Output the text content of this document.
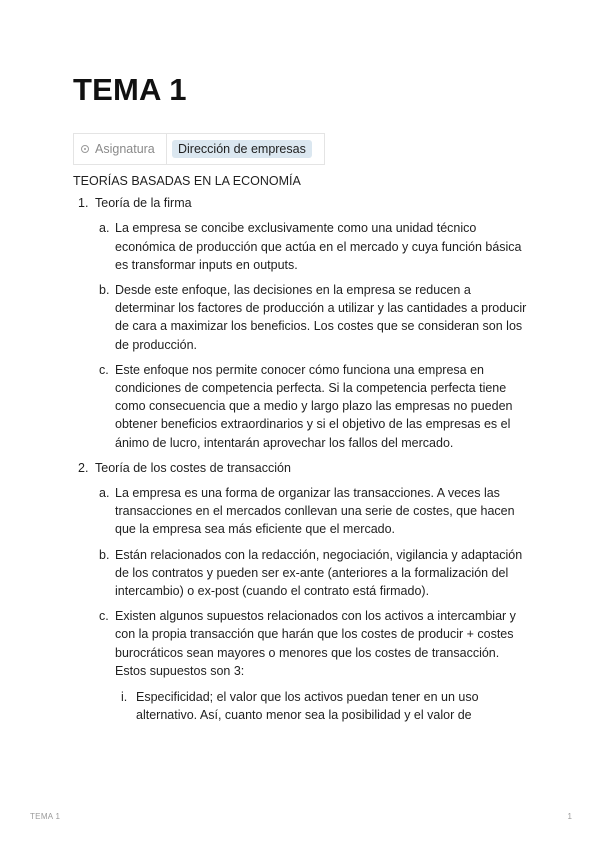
TEMA 1
Asignatura	Dirección de empresas

TEORÍAS BASADAS EN LA ECONOMÍA

1. Teoría de la firma
a. La empresa se concibe exclusivamente como una unidad técnico económica de producción que actúa en el mercado y cuya función básica es transformar inputs en outputs.
b. Desde este enfoque, las decisiones en la empresa se reducen a determinar los factores de producción a utilizar y las cantidades a producir de cara a maximizar los beneficios. Los costes que se consideran son los de producción.
c. Este enfoque nos permite conocer cómo funciona una empresa en condiciones de competencia perfecta. Si la competencia perfecta tiene como consecuencia que a medio y largo plazo las empresas no pueden obtener beneficios extraordinarios y si el objetivo de las empresas es el ánimo de lucro, intentarán aprovechar los fallos del mercado.
2. Teoría de los costes de transacción
a. La empresa es una forma de organizar las transacciones. A veces las transacciones en el mercados conllevan una serie de costes, que hacen que la empresa sea más eficiente que el mercado.
b. Están relacionados con la redacción, negociación, vigilancia y adaptación de los contratos y pueden ser ex-ante (anteriores a la formalización del intercambio) o ex-post (cuando el contrato está firmado).
c. Existen algunos supuestos relacionados con los activos a intercambiar y con la propia transacción que harán que los costes de producir + costes burocráticos sean mayores o menores que los costes de transacción. Estos supuestos son 3:
i. Especificidad; el valor que los activos puedan tener en un uso alternativo. Así, cuanto menor sea la posibilidad y el valor de
TEMA 1	1
